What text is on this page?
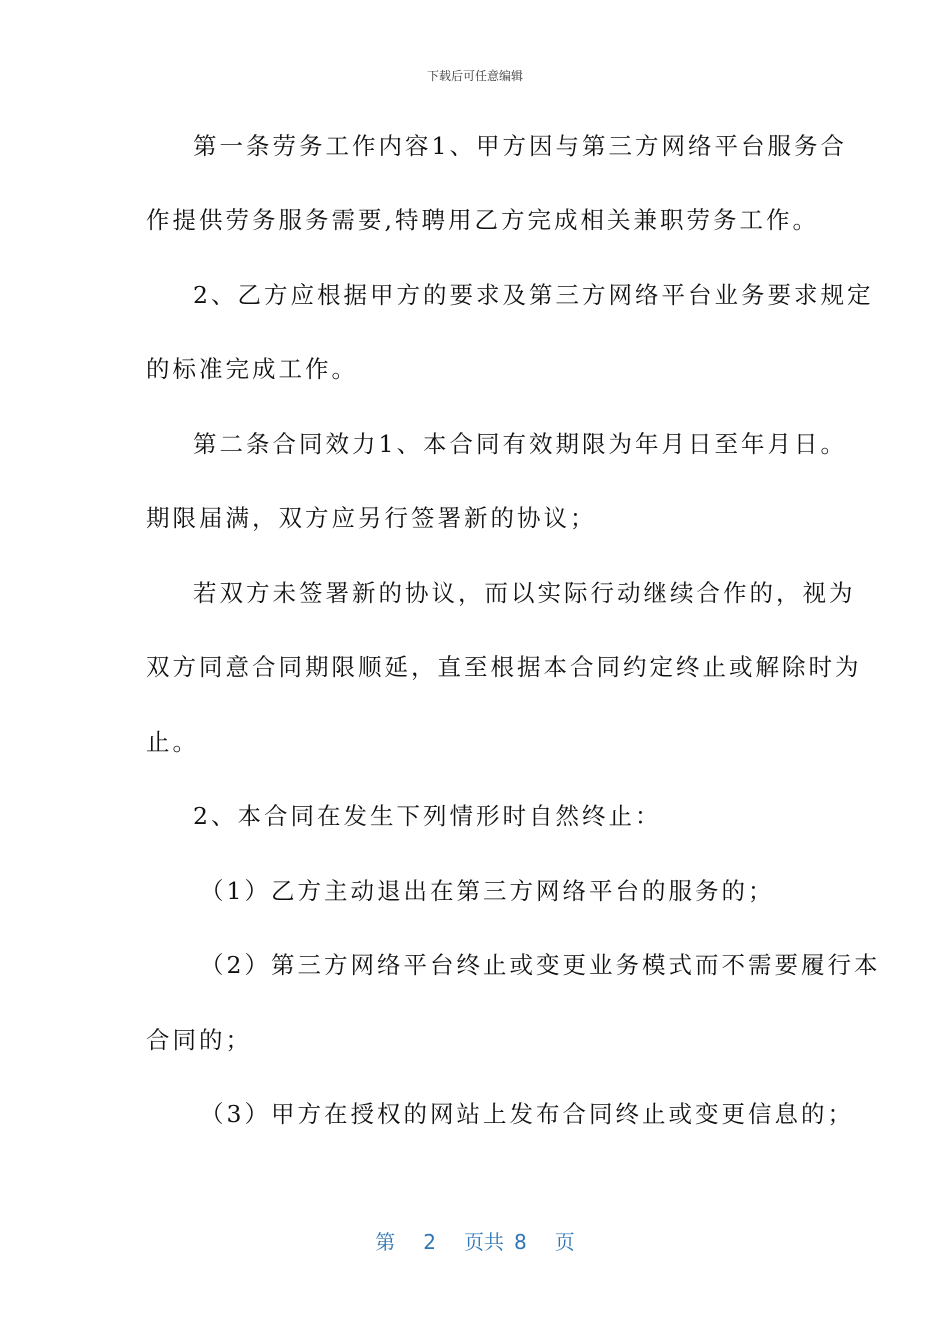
下载后可任意编辑
第一条劳务工作内容1、甲方因与第三方网络平台服务合
作提供劳务服务需要,特聘用乙方完成相关兼职劳务工作。
2、乙方应根据甲方的要求及第三方网络平台业务要求规定
的标准完成工作。
第二条合同效力1、本合同有效期限为年月日至年月日。
期限届满，双方应另行签署新的协议；
若双方未签署新的协议，而以实际行动继续合作的，视为
双方同意合同期限顺延，直至根据本合同约定终止或解除时为
止。
2、本合同在发生下列情形时自然终止：
（1）乙方主动退出在第三方网络平台的服务的；
（2）第三方网络平台终止或变更业务模式而不需要履行本
合同的；
（3）甲方在授权的网站上发布合同终止或变更信息的；
第 2 页共 8 页
